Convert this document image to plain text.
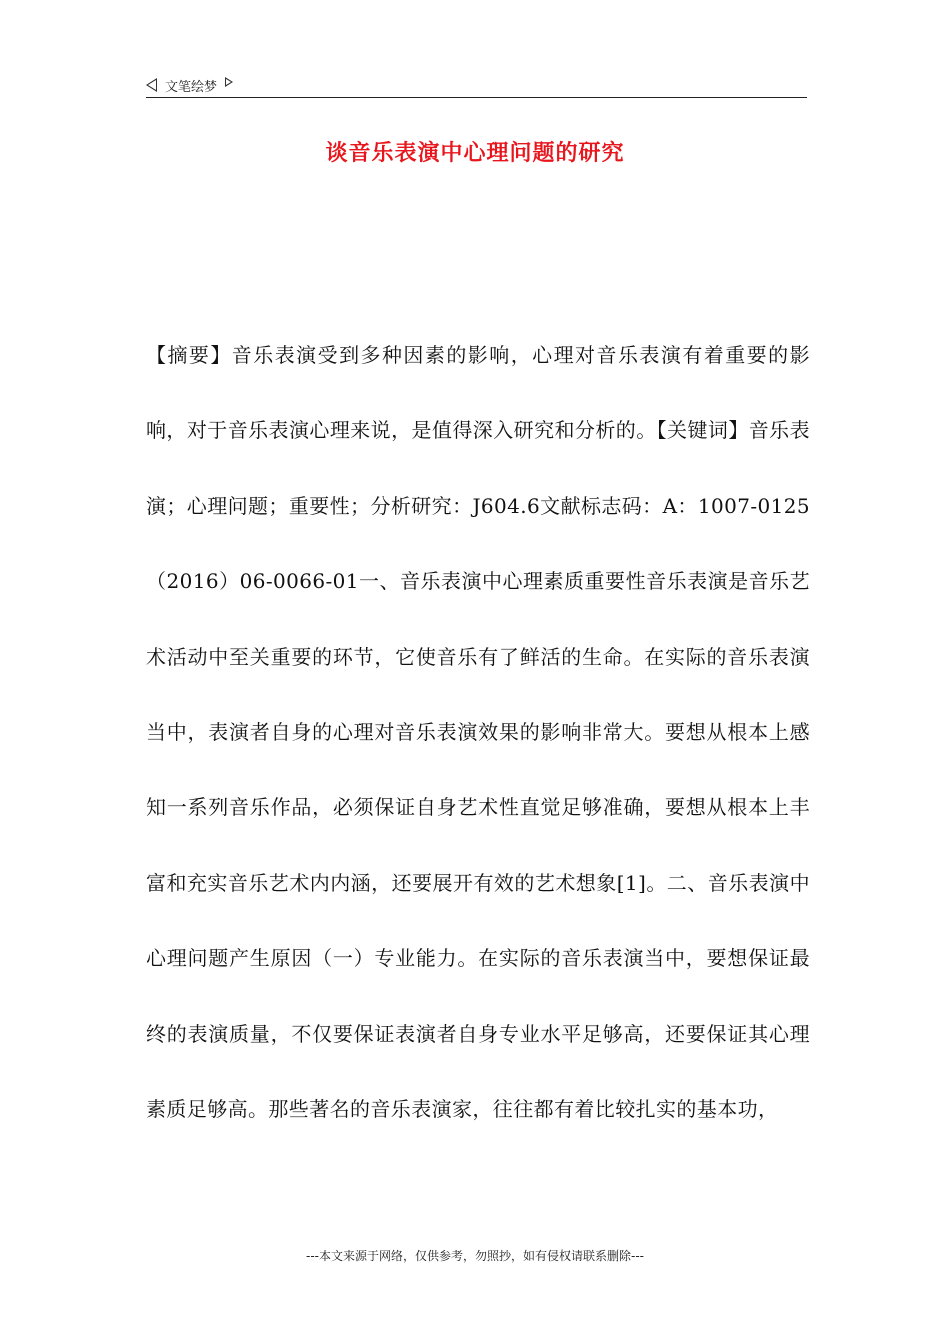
文笔绘梦
谈音乐表演中心理问题的研究

【摘要】音乐表演受到多种因素的影响，心理对音乐表演有着重要的影响，对于音乐表演心理来说，是值得深入研究和分析的。【关键词】音乐表演；心理问题；重要性；分析研究：J604.6文献标志码：A：1007-0125（2016）06-0066-01一、音乐表演中心理素质重要性音乐表演是音乐艺术活动中至关重要的环节，它使音乐有了鲜活的生命。在实际的音乐表演当中，表演者自身的心理对音乐表演效果的影响非常大。要想从根本上感知一系列音乐作品，必须保证自身艺术性直觉足够准确，要想从根本上丰富和充实音乐艺术内内涵，还要展开有效的艺术想象[1]。二、音乐表演中心理问题产生原因（一）专业能力。在实际的音乐表演当中，要想保证最终的表演质量，不仅要保证表演者自身专业水平足够高，还要保证其心理素质足够高。那些著名的音乐表演家，往往都有着比较扎实的基本功，

---本文来源于网络，仅供参考，勿照抄，如有侵权请联系删除---
